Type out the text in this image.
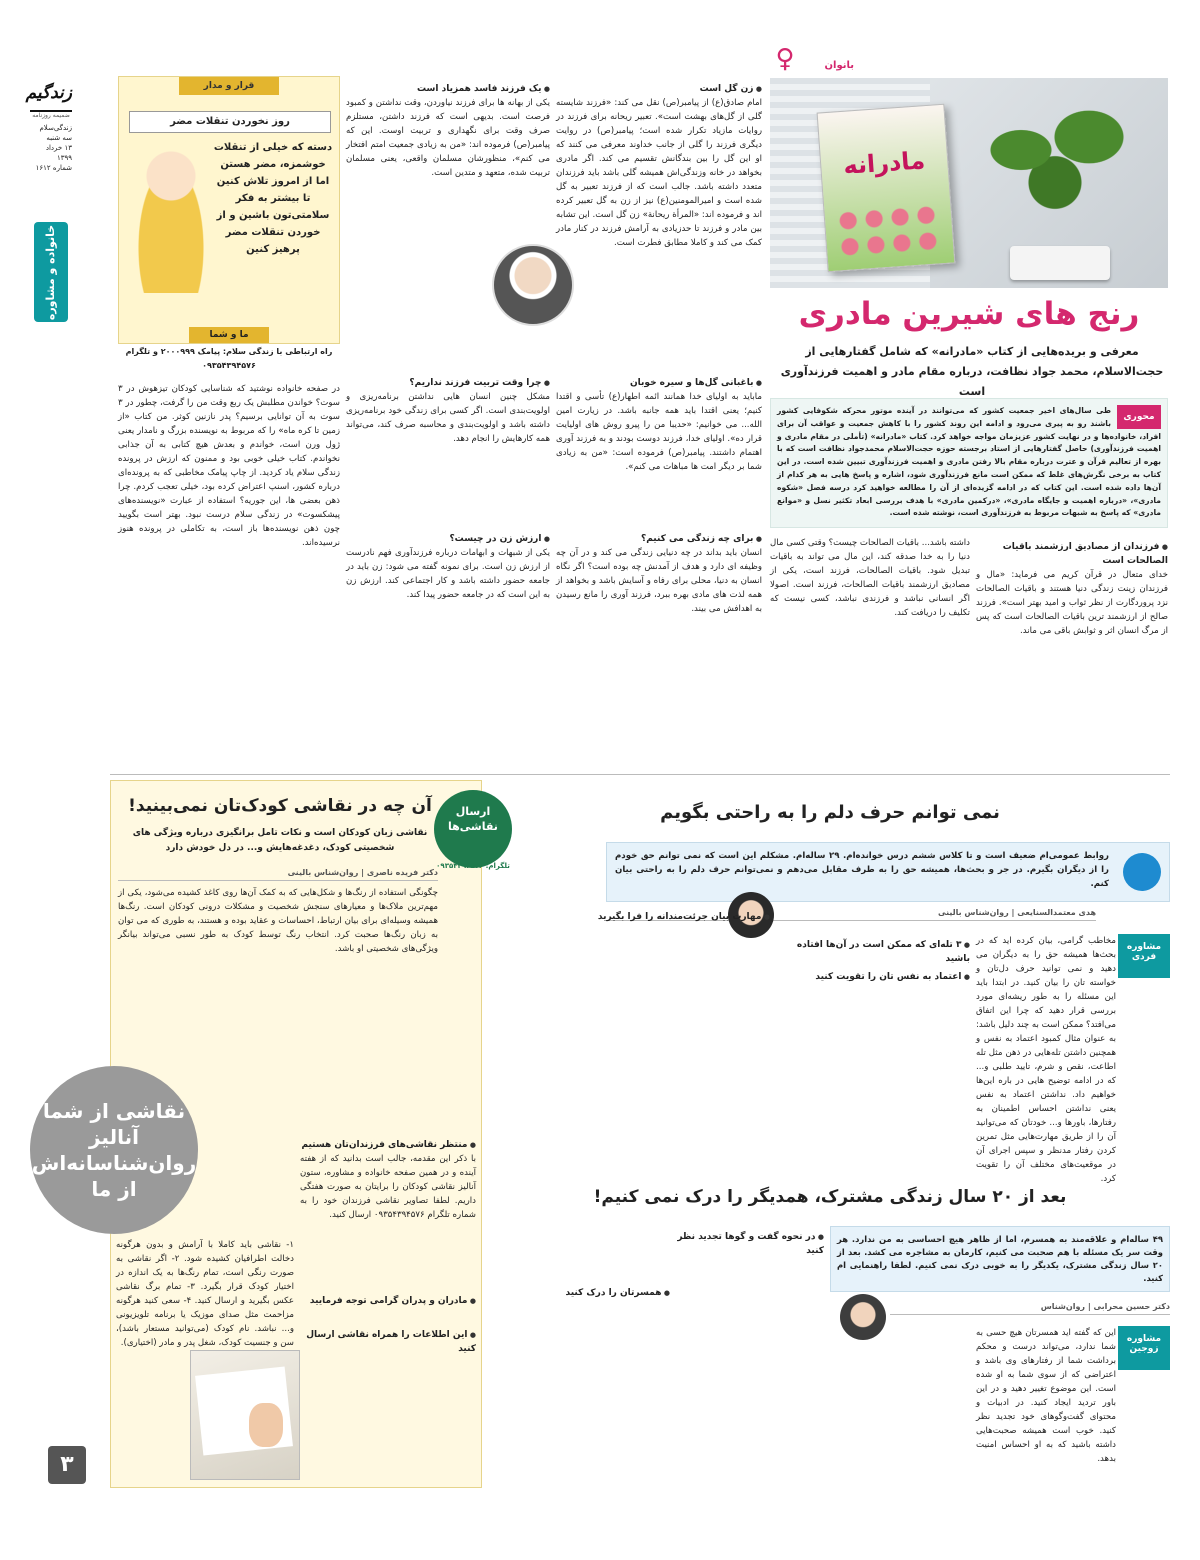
زندگیم
ضمیمه روزنامه
زندگی‌سلام
سه شنبه
۱۳ خرداد ۱۳۹۹
شماره ۱۶۱۲
خانواده و مشاوره
۳
♀	بانوان
مادرانه
رنج های شیرین مادری
معرفی و بریده‌هایی از کتاب «مادرانه» که شامل گفتارهایی از حجت‌الاسلام، محمد جواد نظافت، درباره مقام مادر و اهمیت فرزندآوری است
محوری

طی سال‌های اخیر جمعیت کشور که می‌توانند در آینده موتور محرکه شکوفایی کشور باشند رو به پیری می‌رود و ادامه این روند کشور را با کاهش جمعیت و عواقب آن برای افراد، خانواده‌ها و در نهایت کشور عزیزمان مواجه خواهد کرد. کتاب «مادرانه» (تأملی در مقام مادری و اهمیت فرزندآوری) حاصل گفتارهایی از استاد برجسته حوزه حجت‌الاسلام محمدجواد نظافت است که با بهره از تعالیم قرآن و عترت درباره مقام بالا رفتن مادری و اهمیت فرزندآوری تبیین شده است. در این کتاب به برخی نگرش‌های غلط که ممکن است مانع فرزندآوری شود، اشاره و پاسخ هایی به هر کدام از آن‌ها داده شده است. این کتاب که در ادامه گزیده‌ای از آن را مطالعه خواهید کرد درسه فصل «شکوه مادری»، «درباره اهمیت و جایگاه مادری»، «درکمین مادری» با هدف بررسی ابعاد تکثیر نسل و «موانع مادری» که پاسخ به شبهات مربوط به فرزندآوری است، نوشته شده است.

● زن گل است

امام صادق(ع) از پیامبر(ص) نقل می کند: «فرزند شایسته گلی از گل‌های بهشت است». تعبیر ریحانه برای فرزند در روایات مازیاد تکرار شده است؛ پیامبر(ص) در روایت دیگری فرزند را گلی از جانب خداوند معرفی می کنند که او این گل را بین بندگانش تقسیم می کند. اگر مادری بخواهد در خانه وزندگی‌اش همیشه گلی باشد باید فرزندان متعدد داشته باشد. جالب است که از فرزند تعبیر به گل شده است و امیرالمومنین(ع) نیز از زن به گل تعبیر کرده اند و فرموده اند: «المرأة ریحانة» زن گل است. این تشابه بین مادر و فرزند تا حدزیادی به آرامش فرزند در کنار مادر کمک می کند و کاملا مطابق فطرت است.

● باغبانی گل‌ها و سیره خوبان

ماباید به اولیای خدا همانند ائمه اطهار(ع) تأسی و اقتدا کنیم؛ یعنی اقتدا باید همه جانبه باشد. در زیارت امین الله... می خوانیم: «حدیبا من را پیرو روش های اولیایت قرار ده». اولیای خدا، فرزند دوست بودند و به فرزند آوری اهتمام داشتند. پیامبر(ص) فرموده است: «من به زیادی شما بر دیگر امت ها مباهات می کنم».

● یک فرزند فاسد همزیاد است

یکی از بهانه ها برای فرزند نیاوردن، وقت نداشتن و کمبود فرصت است. بدیهی است که فرزند داشتن، مستلزم صرف وقت برای نگهداری و تربیت اوست. این که پیامبر(ص) فرموده اند: «من به زیادی جمعیت امتم افتخار می کنم»، منظورشان مسلمان واقعی، یعنی مسلمان تربیت شده، متعهد و متدین است.

● چرا وقت تربیت فرزند نداریم؟

مشکل چنین انسان هایی نداشتن برنامه‌ریزی و اولویت‌بندی است. اگر کسی برای زندگی خود برنامه‌ریزی داشته باشد و اولویت‌بندی و محاسبه صرف کند، می‌تواند همه کارهایش را انجام دهد.

● برای چه زندگی می کنیم؟

انسان باید بداند در چه دنیایی زندگی می کند و در آن چه وظیفه ای دارد و هدف از آمدنش چه بوده است؟ اگر نگاه انسان به دنیا، محلی برای رفاه و آسایش باشد و بخواهد از همه لذت های مادی بهره ببرد، فرزند آوری را مانع رسیدن به اهدافش می بیند.

● ارزش زن در چیست؟

یکی از شبهات و ابهامات درباره فرزندآوری فهم نادرست از ارزش زن است. برای نمونه گفته می شود: زن باید در جامعه حضور داشته باشد و کار اجتماعی کند. ارزش زن به این است که در جامعه حضور پیدا کند.

● فرزندان از مصادیق ارزشمند باقیات الصالحات است

خدای متعال در قرآن کریم می فرماید: «مال و فرزندان زینت زندگی دنیا هستند و باقیات الصالحات نزد پروردگارت از نظر ثواب و امید بهتر است». فرزند صالح از ارزشمند ترین باقیات الصالحات است که پس از مرگ انسان اثر و ثوابش باقی می ماند.

داشته باشد... باقیات الصالحات چیست؟ وقتی کسی مال دنیا را به خدا صدقه کند، این مال می تواند به باقیات تبدیل شود. باقیات الصالحات، فرزند است، یکی از مصادیق ارزشمند باقیات الصالحات، فرزند است. اصولا اگر انسانی نباشد و فرزندی نباشد، کسی نیست که تکلیف را دریافت کند.

قرار و مدار
روز نخوردن تنقلات مضر
دسته که خیلی از تنقلات خوشمزه، مضر هستن اما از امروز تلاش کنین تا بیشتر به فکر سلامتی‌تون باشین و از خوردن تنقلات مضر پرهیز کنین
ما و شما
راه ارتباطی با زندگی سلام: پیامک ۲۰۰۰۹۹۹ و تلگرام ۰۹۳۵۴۳۹۴۵۷۶

در صفحه خانواده نوشتید که شناسایی کودکان تیزهوش در ۳ سوت؟ خواندن مطلبش یک ربع وقت من را گرفت، چطور در ۳ سوت به آن توانایی برسیم؟ پدر نازنین کوثر. من کتاب «از زمین تا کره ماه» را که مربوط به نویسنده بزرگ و نامدار یعنی ژول ورن است، خواندم و بعدش هیچ کتابی به آن جذابی نخواندم. کتاب خیلی خوبی بود و ممنون که ارزش در پرونده زندگی سلام یاد کردید. از چاپ پیامک مخاطبی که به پرونده‌ای درباره کشور، اسنپ اعتراض کرده بود، خیلی تعجب کردم. چرا ذهن بعضی ها، این جوریه؟ استفاده از عبارت «نویسنده‌های پیشکسوت» در زندگی سلام درست نبود. بهتر است بگویید چون ذهن نویسنده‌ها باز است، به تکاملی در پرونده هنوز نرسیده‌اند.

نمی توانم حرف دلم را به راحتی بگویم

روابط عمومی‌ام ضعیف است و تا کلاس ششم درس خوانده‌ام. ۲۹ ساله‌ام. مشکلم این است که نمی توانم حق خودم را از دیگران بگیرم. در جر و بحث‌ها، همیشه حق را به طرف مقابل می‌دهم و نمی‌توانم حرف دلم را به راحتی بیان کنم.

هدی معتمدالسنایعی | روان‌شناس بالینی
مشاوره فردی

مخاطب گرامی، بیان کرده اید که در بحث‌ها همیشه حق را به دیگران می دهید و نمی توانید حرف دل‌تان و خواسته تان را بیان کنید. در ابتدا باید این مسئله را به طور ریشه‌ای مورد بررسی قرار دهید که چرا این اتفاق می‌افتد؟ ممکن است به چند دلیل باشد: به عنوان مثال کمبود اعتماد به نفس و همچنین داشتن تله‌هایی در ذهن مثل تله اطاعت، نقص و شرم، تایید طلبی و... که در ادامه توضیح هایی در باره این‌ها خواهیم داد. نداشتن اعتماد به نفس یعنی نداشتن احساس اطمینان به رفتارها، باورها و... خودتان که می‌توانید آن را از طریق مهارت‌هایی مثل تمرین کردن رفتار مدنظر و سپس اجرای آن در موقعیت‌های مختلف آن را تقویت کرد.

● ۳ تله‌ای که ممکن است در آن‌ها افتاده باشید
● اعتماد به نفس تان را تقویت کنید
● مهارت بیان جرئت‌مندانه را فرا بگیرید
آن چه در نقاشی کودک‌تان نمی‌بینید!
نقاشی زبان کودکان است و نکات تامل برانگیزی درباره ویژگی های شخصیتی کودک، دغدغه‌هایش و... در دل خودش دارد
ارسال نقاشی‌ها
تلگرام: ۰۹۳۵۴۳۹۴۵۷۶
دکتر فریده ناصری | روان‌شناس بالینی

چگونگی استفاده از رنگ‌ها و شکل‌هایی که به کمک آن‌ها روی کاغذ کشیده می‌شود، یکی از مهم‌ترین ملاک‌ها و معیارهای سنجش شخصیت و مشکلات درونی کودکان است. رنگ‌ها همیشه وسیله‌ای برای بیان ارتباط، احساسات و عقاید بوده و هستند، به طوری که می توان به زبان رنگ‌ها صحبت کرد. انتخاب رنگ توسط کودک به طور نسبی می‌تواند بیانگر ویژگی‌های شخصیتی او باشد.

نقاشی از شما آنالیز روان‌شناسانه‌اش از ما
● منتظر نقاشی‌های فرزندان‌تان هستیم

با ذکر این مقدمه، جالب است بدانید که از هفته آینده و در همین صفحه خانواده و مشاوره، ستون آنالیز نقاشی کودکان را برایتان به صورت هفتگی داریم. لطفا تصاویر نقاشی فرزندان خود را به شماره تلگرام ۰۹۳۵۴۳۹۴۵۷۶ ارسال کنید.

● مادران و پدران گرامی توجه فرمایید
● این اطلاعات را همراه نقاشی ارسال کنید

۱- نقاشی باید کاملا با آرامش و بدون هرگونه دخالت اطرافیان کشیده شود. ۲- اگر نقاشی به صورت رنگی است، تمام رنگ‌ها به یک اندازه در اختیار کودک قرار بگیرد. ۳- تمام برگ نقاشی عکس بگیرید و ارسال کنید. ۴- سعی کنید هرگونه مزاحمت مثل صدای موزیک یا برنامه تلویزیونی و... نباشد. نام کودک (می‌توانید مستعار باشد)، سن و جنسیت کودک، شغل پدر و مادر (اختیاری).

بعد از ۲۰ سال زندگی مشترک، همدیگر را درک نمی کنیم!

۴۹ ساله‌ام و علاقه‌مند به همسرم، اما از ظاهر هیچ احساسی به من ندارد. هر وقت سر یک مسئله با هم صحبت می کنیم، کارمان به مشاجره می کشد. بعد از ۲۰ سال زندگی مشترک، یکدیگر را به خوبی درک نمی کنیم. لطفا راهنمایی ام کنید.

دکتر حسین محرابی | روان‌شناس
مشاوره زوجین

این که گفته اید همسرتان هیچ حسی به شما ندارد، می‌تواند درست و محکم برداشت شما از رفتارهای وی باشد و اعتراضی که از سوی شما به او شده است. این موضوع تغییر دهید و در این باور تردید ایجاد کنید. در ادبیات و محتوای گفت‌وگوهای خود تجدید نظر کنید. خوب است همیشه صحبت‌هایی داشته باشید که به او احساس امنیت بدهد.

● در نحوه گفت و گوها تجدید نظر کنید
● همسرتان را درک کنید
